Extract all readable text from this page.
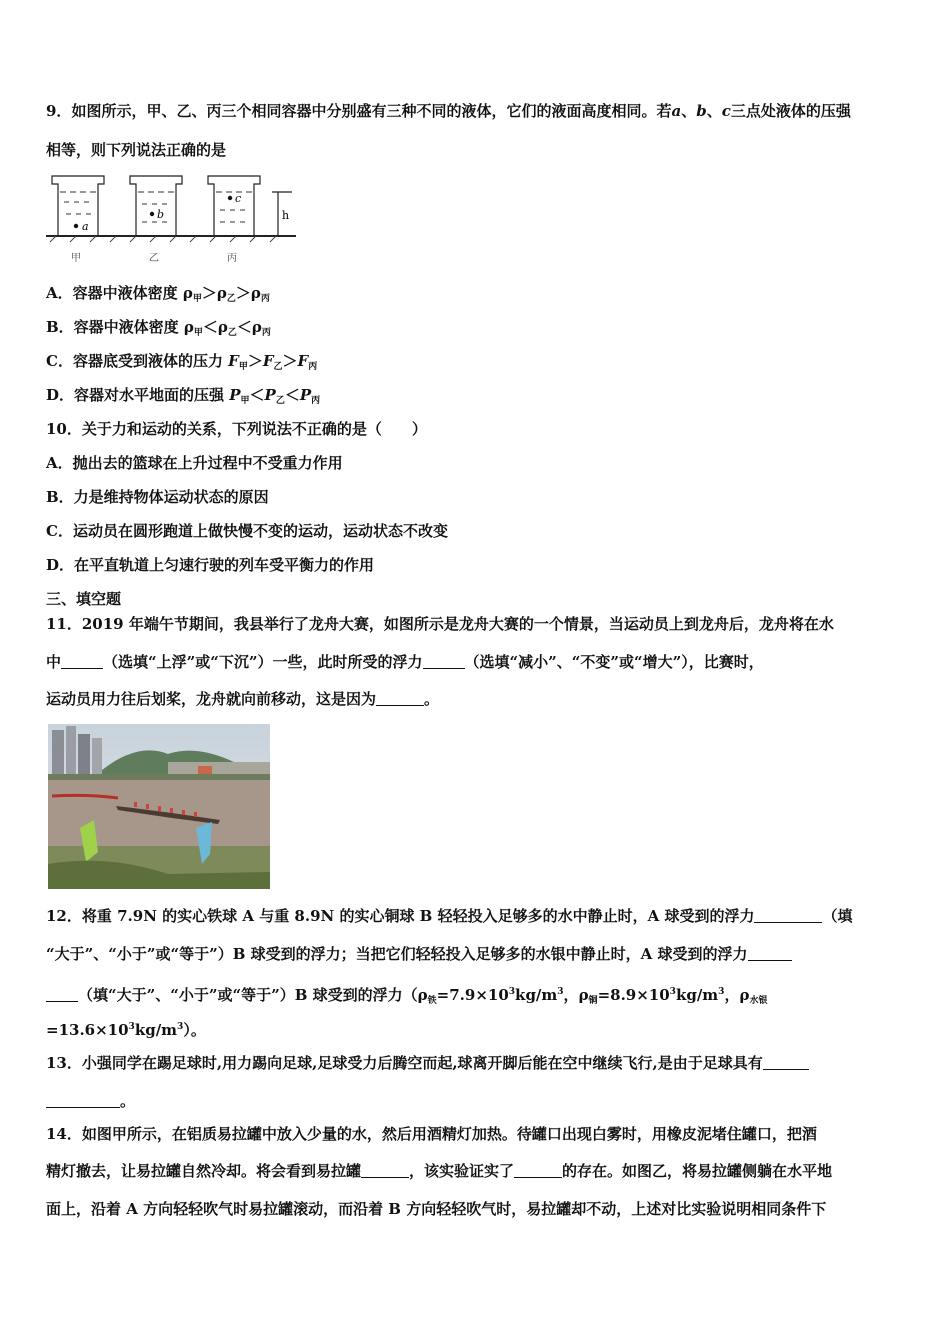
9．如图所示，甲、乙、丙三个相同容器中分别盛有三种不同的液体，它们的液面高度相同。若a、b、c三点处液体的压强
相等，则下列说法正确的是
a
b
c
h
甲	乙	丙
A．容器中液体密度 $\rho_甲>\rho_乙>\rho_丙$
B．容器中液体密度 $\rho_甲<\rho_乙<\rho_丙$
C．容器底受到液体的压力 $F_甲>F_乙>F_丙$
D．容器对水平地面的压强 $P_甲<P_乙<P_丙$
10．关于力和运动的关系，下列说法不正确的是（　　）
A．抛出去的篮球在上升过程中不受重力作用
B．力是维持物体运动状态的原因
C．运动员在圆形跑道上做快慢不变的运动，运动状态不改变
D．在平直轨道上匀速行驶的列车受平衡力的作用
三、填空题
11．2019 年端午节期间，我县举行了龙舟大赛，如图所示是龙舟大赛的一个情景，当运动员上到龙舟后，龙舟将在水
中	（选填“上浮”或“下沉”）一些，此时所受的浮力	（选填“减小”、“不变”或“增大”），比赛时，
运动员用力往后划桨，龙舟就向前移动，这是因为	。
12．将重 7.9N 的实心铁球 A 与重 8.9N 的实心铜球 B 轻轻投入足够多的水中静止时，A 球受到的浮力	（填
“大于”、“小于”或“等于”）B 球受到的浮力；当把它们轻轻投入足够多的水银中静止时，A 球受到的浮力
（填“大于”、“小于”或“等于”）B 球受到的浮力（$\rho_铁=7.9\times 10^3kg/m^3$，$\rho_铜=8.9\times 10^3kg/m^3$，$\rho_{水银}$
$=13.6\times 10^3kg/m^3$）。
13．小强同学在踢足球时,用力踢向足球,足球受力后腾空而起,球离开脚后能在空中继续飞行,是由于足球具有
。
14．如图甲所示，在铝质易拉罐中放入少量的水，然后用酒精灯加热。待罐口出现白雾时，用橡皮泥堵住罐口，把酒
精灯撤去，让易拉罐自然冷却。将会看到易拉罐	，该实验证实了	的存在。如图乙，将易拉罐侧躺在水平地
面上，沿着 A 方向轻轻吹气时易拉罐滚动，而沿着 B 方向轻轻吹气时，易拉罐却不动，上述对比实验说明相同条件下
